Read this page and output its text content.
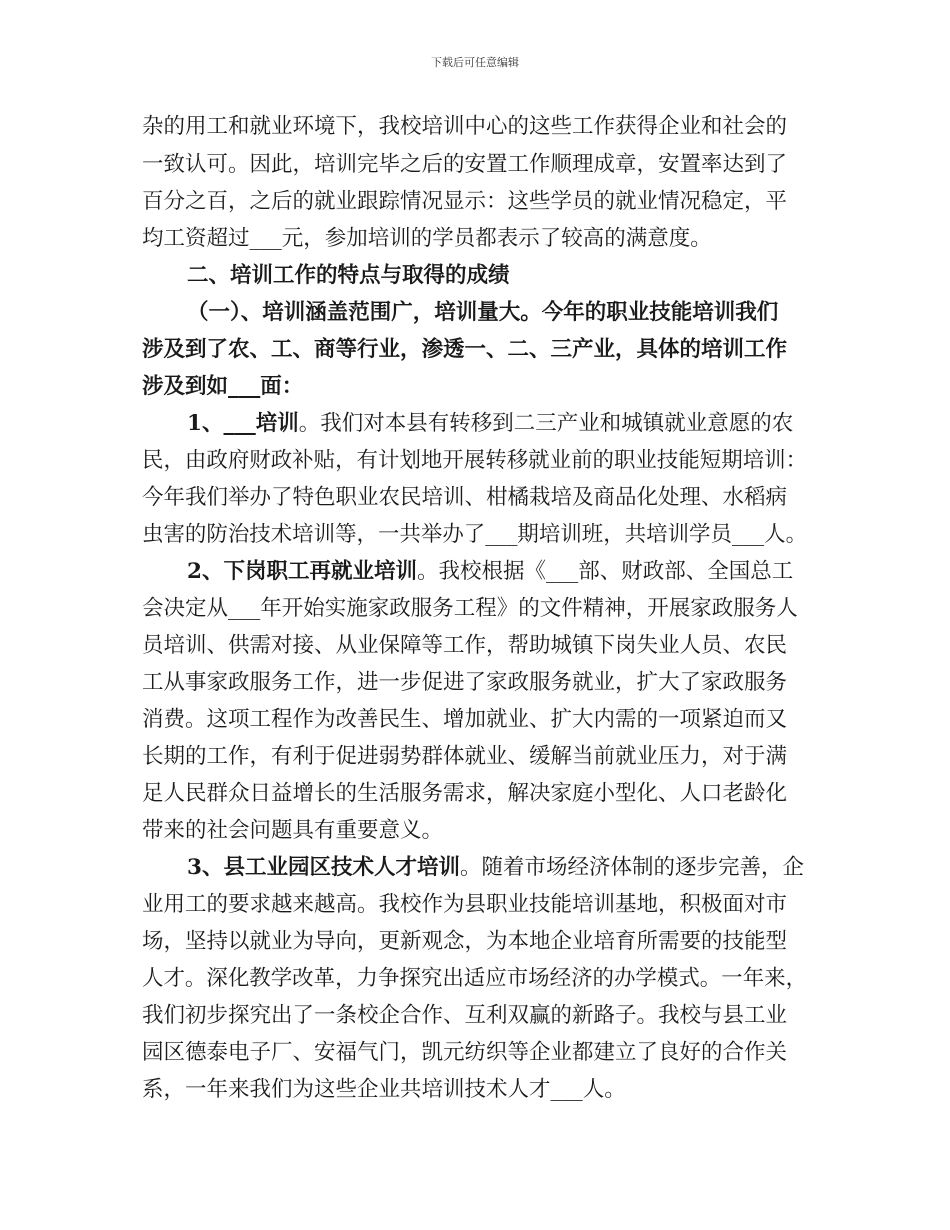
下载后可任意编辑
杂的用工和就业环境下，我校培训中心的这些工作获得企业和社会的
一致认可。因此，培训完毕之后的安置工作顺理成章，安置率达到了
百分之百，之后的就业跟踪情况显示：这些学员的就业情况稳定，平
均工资超过___元，参加培训的学员都表示了较高的满意度。
二、培训工作的特点与取得的成绩
（一）、培训涵盖范围广，培训量大。今年的职业技能培训我们
涉及到了农、工、商等行业，渗透一、二、三产业，具体的培训工作
涉及到如___面：
1、___培训。我们对本县有转移到二三产业和城镇就业意愿的农
民，由政府财政补贴，有计划地开展转移就业前的职业技能短期培训：
今年我们举办了特色职业农民培训、柑橘栽培及商品化处理、水稻病
虫害的防治技术培训等，一共举办了___期培训班，共培训学员___人。
2、下岗职工再就业培训。我校根据《___部、财政部、全国总工
会决定从___年开始实施家政服务工程》的文件精神，开展家政服务人
员培训、供需对接、从业保障等工作，帮助城镇下岗失业人员、农民
工从事家政服务工作，进一步促进了家政服务就业，扩大了家政服务
消费。这项工程作为改善民生、增加就业、扩大内需的一项紧迫而又
长期的工作，有利于促进弱势群体就业、缓解当前就业压力，对于满
足人民群众日益增长的生活服务需求，解决家庭小型化、人口老龄化
带来的社会问题具有重要意义。
3、县工业园区技术人才培训。随着市场经济体制的逐步完善，企
业用工的要求越来越高。我校作为县职业技能培训基地，积极面对市
场，坚持以就业为导向，更新观念，为本地企业培育所需要的技能型
人才。深化教学改革，力争探究出适应市场经济的办学模式。一年来，
我们初步探究出了一条校企合作、互利双赢的新路子。我校与县工业
园区德泰电子厂、安福气门，凯元纺织等企业都建立了良好的合作关
系，一年来我们为这些企业共培训技术人才___人。
